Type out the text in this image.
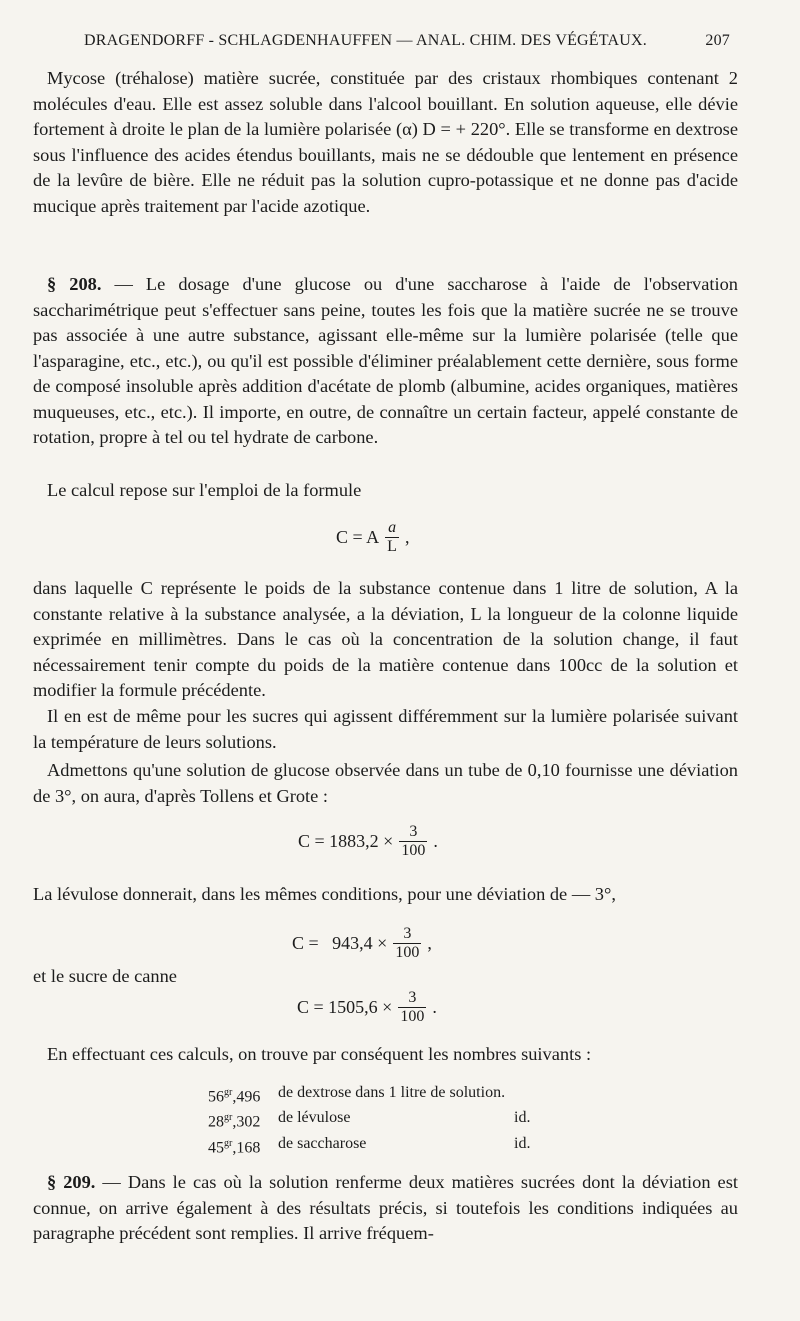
DRAGENDORFF - SCHLAGDENHAUFFEN — ANAL. CHIM. DES VÉGÉTAUX.	207

Mycose (tréhalose) matière sucrée, constituée par des cristaux rhombiques contenant 2 molécules d'eau. Elle est assez soluble dans l'alcool bouillant. En solution aqueuse, elle dévie fortement à droite le plan de la lumière polarisée (α) D = + 220°. Elle se transforme en dextrose sous l'influence des acides étendus bouillants, mais ne se dédouble que lentement en présence de la levûre de bière. Elle ne réduit pas la solution cupro-potassique et ne donne pas d'acide mucique après traitement par l'acide azotique.

§ 208. — Le dosage d'une glucose ou d'une saccharose à l'aide de l'observation saccharimétrique peut s'effectuer sans peine, toutes les fois que la matière sucrée ne se trouve pas associée à une autre substance, agissant elle-même sur la lumière polarisée (telle que l'asparagine, etc., etc.), ou qu'il est possible d'éliminer préalablement cette dernière, sous forme de composé insoluble après addition d'acétate de plomb (albumine, acides organiques, matières muqueuses, etc., etc.). Il importe, en outre, de connaître un certain facteur, appelé constante de rotation, propre à tel ou tel hydrate de carbone.

Le calcul repose sur l'emploi de la formule

C = A $\frac{a}{L}$ ,

dans laquelle C représente le poids de la substance contenue dans 1 litre de solution, A la constante relative à la substance analysée, a la déviation, L la longueur de la colonne liquide exprimée en millimètres. Dans le cas où la concentration de la solution change, il faut nécessairement tenir compte du poids de la matière contenue dans 100cc de la solution et modifier la formule précédente.

Il en est de même pour les sucres qui agissent différemment sur la lumière polarisée suivant la température de leurs solutions.

Admettons qu'une solution de glucose observée dans un tube de 0,10 fournisse une déviation de 3°, on aura, d'après Tollens et Grote :

$C = 1883,2 \times \frac{3}{100}$ .

La lévulose donnerait, dans les mêmes conditions, pour une déviation de — 3°,

$C = 943,4 \times \frac{3}{100}$ ,

et le sucre de canne

$C = 1505,6 \times \frac{3}{100}$ .

En effectuant ces calculs, on trouve par conséquent les nombres suivants :

$56^{gr},496$	de dextrose dans 1 litre de solution.
$28^{gr},302$	de lévulose	id.
$45^{gr},168$	de saccharose	id.

§ 209. — Dans le cas où la solution renferme deux matières sucrées dont la déviation est connue, on arrive également à des résultats précis, si toutefois les conditions indiquées au paragraphe précédent sont remplies. Il arrive fréquem-
